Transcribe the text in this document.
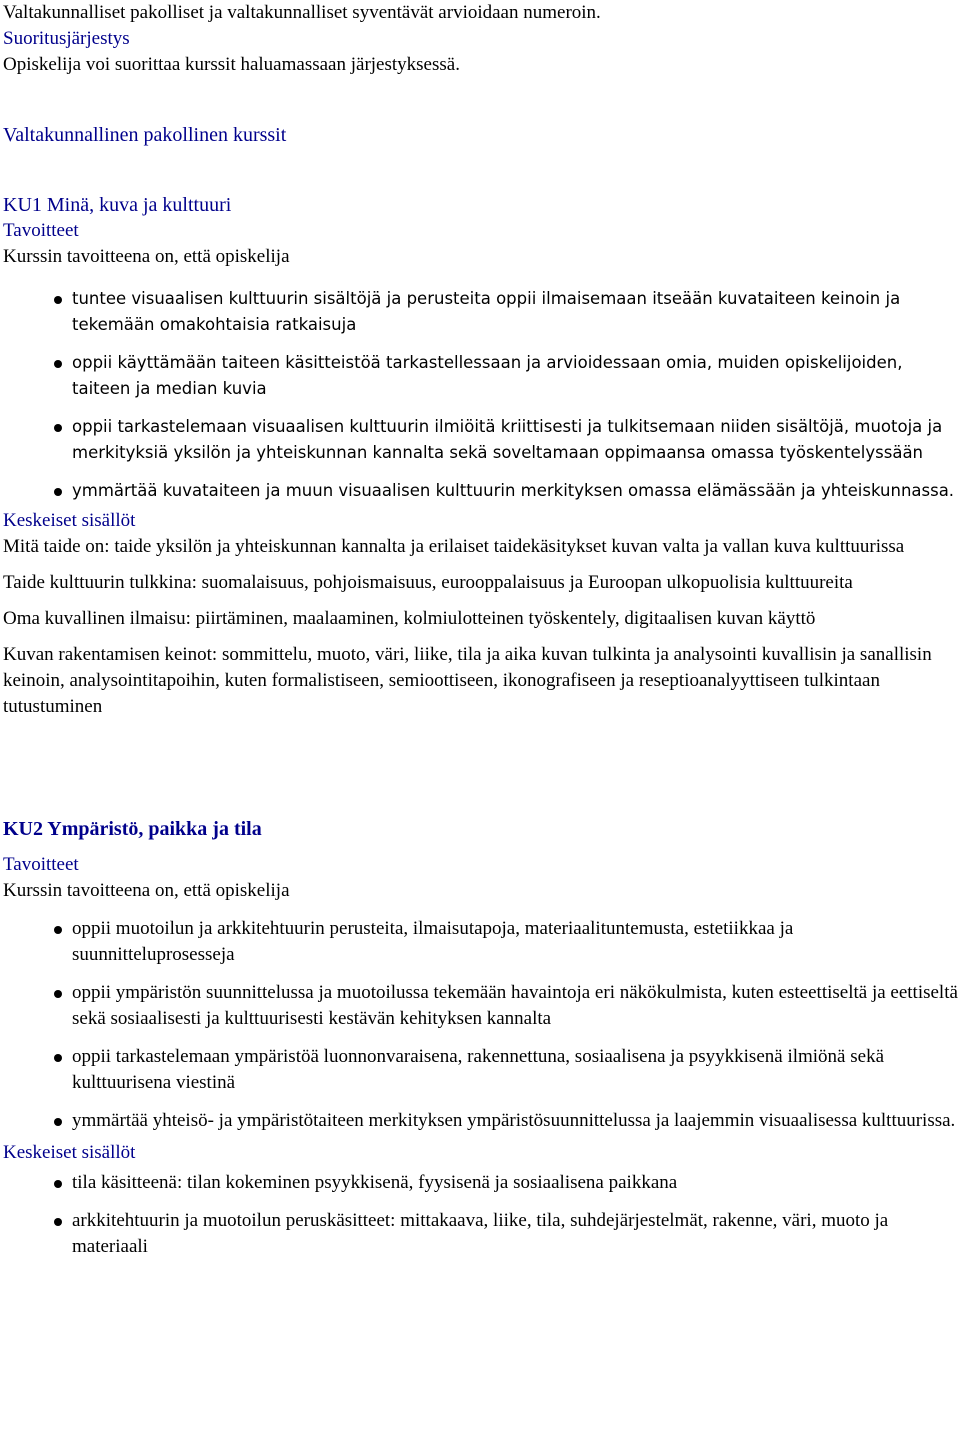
Valtakunnalliset pakolliset ja valtakunnalliset syventävät arvioidaan numeroin.

Suoritusjärjestys

Opiskelija voi suorittaa kurssit haluamassaan järjestyksessä.

Valtakunnallinen pakollinen kurssit

KU1 Minä, kuva ja kulttuuri

Tavoitteet

Kurssin tavoitteena on, että opiskelija

tuntee visuaalisen kulttuurin sisältöjä ja perusteita oppii ilmaisemaan itseään kuvataiteen keinoin ja tekemään omakohtaisia ratkaisuja
oppii käyttämään taiteen käsitteistöä tarkastellessaan ja arvioidessaan omia, muiden opiskelijoiden, taiteen ja median kuvia
oppii tarkastelemaan visuaalisen kulttuurin ilmiöitä kriittisesti ja tulkitsemaan niiden sisältöjä, muotoja ja merkityksiä yksilön ja yhteiskunnan kannalta sekä soveltamaan oppimaansa omassa työskentelyssään
ymmärtää kuvataiteen ja muun visuaalisen kulttuurin merkityksen omassa elämässään ja yhteiskunnassa.

Keskeiset sisällöt

Mitä taide on: taide yksilön ja yhteiskunnan kannalta ja erilaiset taidekäsitykset kuvan valta ja vallan kuva kulttuurissa

Taide kulttuurin tulkkina: suomalaisuus, pohjoismaisuus, eurooppalaisuus ja Euroopan ulkopuolisia kulttuureita

Oma kuvallinen ilmaisu: piirtäminen, maalaaminen, kolmiulotteinen työskentely, digitaalisen kuvan käyttö

Kuvan rakentamisen keinot: sommittelu, muoto, väri, liike, tila ja aika kuvan tulkinta ja analysointi kuvallisin ja sanallisin keinoin, analysointitapoihin, kuten formalistiseen, semioottiseen, ikonografiseen ja reseptioanalyyttiseen tulkintaan tutustuminen

KU2 Ympäristö, paikka ja tila

Tavoitteet

Kurssin tavoitteena on, että opiskelija

oppii muotoilun ja arkkitehtuurin perusteita, ilmaisutapoja, materiaalituntemusta, estetiikkaa ja suunnitteluprosesseja
oppii ympäristön suunnittelussa ja muotoilussa tekemään havaintoja eri näkökulmista, kuten esteettiseltä ja eettiseltä sekä sosiaalisesti ja kulttuurisesti kestävän kehityksen kannalta
oppii tarkastelemaan ympäristöä luonnonvaraisena, rakennettuna, sosiaalisena ja psyykkisenä ilmiönä sekä kulttuurisena viestinä
ymmärtää yhteisö- ja ympäristötaiteen merkityksen ympäristösuunnittelussa ja laajemmin visuaalisessa kulttuurissa.

Keskeiset sisällöt

tila käsitteenä: tilan kokeminen psyykkisenä, fyysisenä ja sosiaalisena paikkana
arkkitehtuurin ja muotoilun peruskäsitteet: mittakaava, liike, tila, suhdejärjestelmät, rakenne, väri, muoto ja materiaali
